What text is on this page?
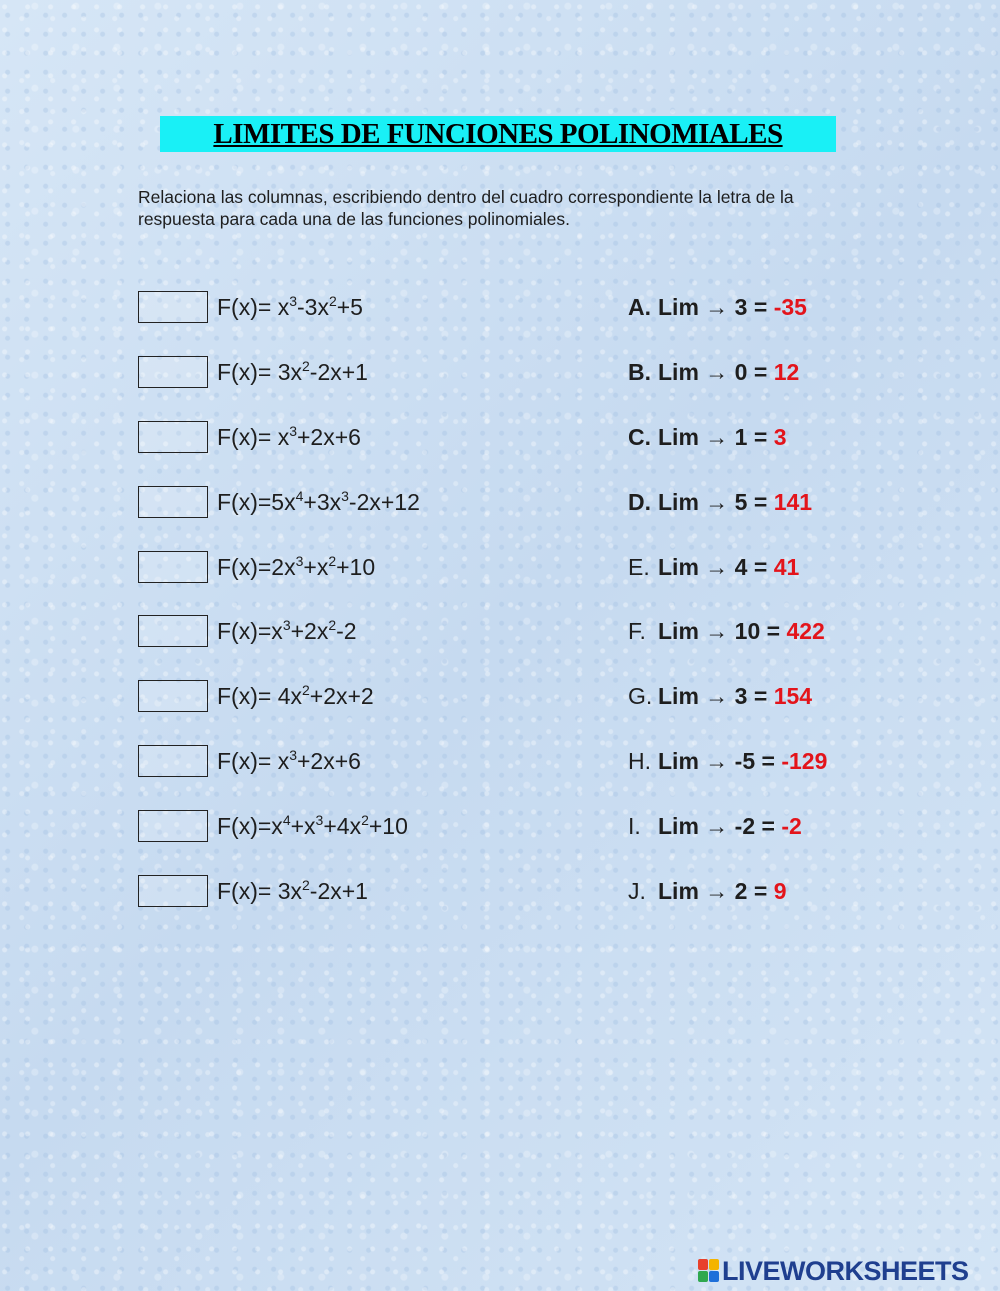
LIMITES DE FUNCIONES POLINOMIALES
Relaciona las columnas, escribiendo dentro del cuadro correspondiente la letra de la respuesta para cada una de las funciones polinomiales.
$F(x)= x^3-3x^2+5$	A. Lim → 3 = -35
$F(x)= 3x^2-2x+1$	B. Lim → 0 = 12
$F(x)= x^3+2x+6$	C. Lim → 1 = 3
$F(x)=5x^4+3x^3-2x+12$	D. Lim → 5 = 141
$F(x)=2x^3+x^2+10$	E. Lim → 4 = 41
$F(x)=x^3+2x^2-2$	F. Lim → 10 = 422
$F(x)= 4x^2+2x+2$	G. Lim → 3 = 154
$F(x)= x^3+2x+6$	H. Lim → -5 = -129
$F(x)=x^4+x^3+4x^2+10$	I. Lim → -2 = -2
$F(x)= 3x^2-2x+1$	J. Lim → 2 = 9
LIVEWORKSHEETS
